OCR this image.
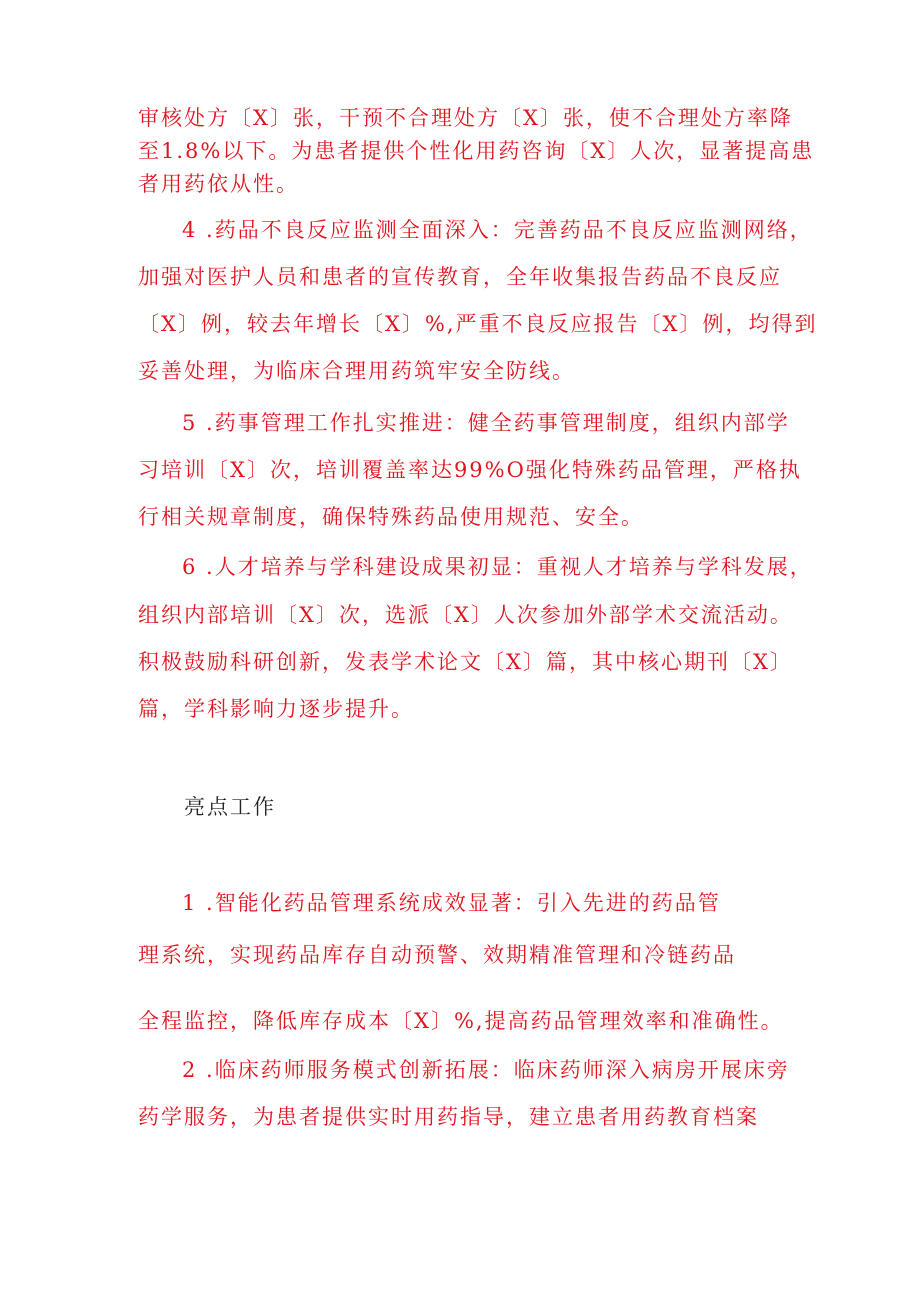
审核处方〔X〕张，干预不合理处方〔X〕张，使不合理处方率降
至1.8%以下。为患者提供个性化用药咨询〔X〕人次，显著提高患
者用药依从性。
4 .药品不良反应监测全面深入：完善药品不良反应监测网络，
加强对医护人员和患者的宣传教育，全年收集报告药品不良反应
〔X〕例，较去年增长〔X〕%,严重不良反应报告〔X〕例，均得到
妥善处理，为临床合理用药筑牢安全防线。
5 .药事管理工作扎实推进：健全药事管理制度，组织内部学
习培训〔X〕次，培训覆盖率达99%O强化特殊药品管理，严格执
行相关规章制度，确保特殊药品使用规范、安全。
6 .人才培养与学科建设成果初显：重视人才培养与学科发展，
组织内部培训〔X〕次，选派〔X〕人次参加外部学术交流活动。
积极鼓励科研创新，发表学术论文〔X〕篇，其中核心期刊〔X〕
篇，学科影响力逐步提升。
亮点工作
1 .智能化药品管理系统成效显著：引入先进的药品管
理系统，实现药品库存自动预警、效期精准管理和冷链药品
全程监控，降低库存成本〔X〕%,提高药品管理效率和准确性。
2 .临床药师服务模式创新拓展：临床药师深入病房开展床旁
药学服务，为患者提供实时用药指导，建立患者用药教育档案
